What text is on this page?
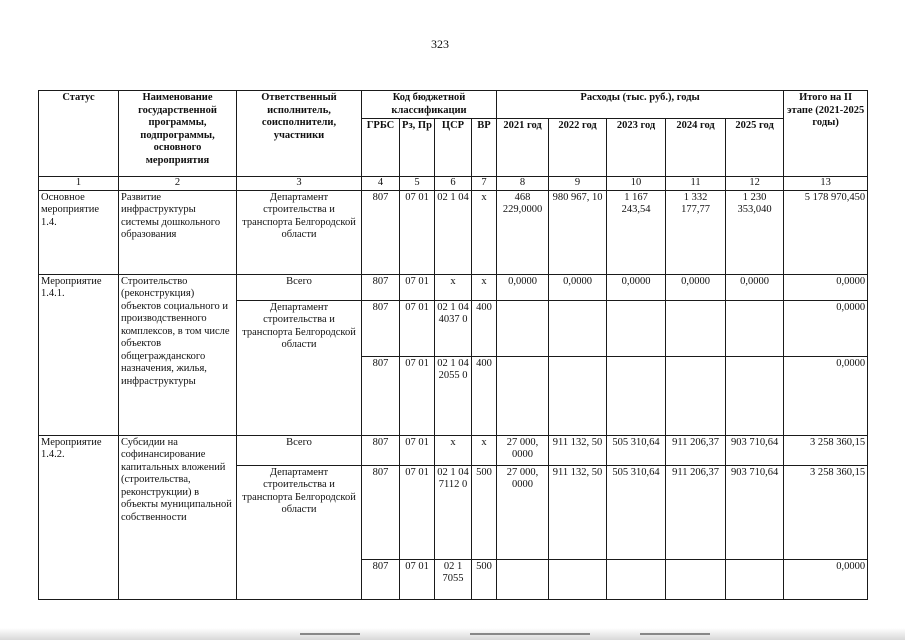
323
Статус	Наименование государственной программы, подпрограммы, основного мероприятия	Ответственный исполнитель, соисполнители, участники	Код бюджетной классификации				Расходы (тыс. руб.), годы					Итого на II этапе (2021-2025 годы)
			ГРБС	Рз, Пр	ЦСР	ВР	2021 год	2022 год	2023 год	2024 год	2025 год	
1	2	3	4	5	6	7	8	9	10	11	12	13
Основное мероприятие 1.4.	Развитие инфраструктуры системы дошкольного образования	Департамент строительства и транспорта Белгородской области	807	07 01	02 1 04	х	468 229,0000	980 967, 10	1 167 243,54	1 332 177,77	1 230 353,040	5 178 970,450
Мероприятие 1.4.1.	Строительство (реконструкция) объектов социального и производственного комплексов, в том числе объектов общегражданского назначения, жилья, инфраструктуры	Всего	807	07 01	х	х	0,0000	0,0000	0,0000	0,0000	0,0000	0,0000
		Департамент строительства и транспорта Белгородской области	807	07 01	02 1 04 4037 0	400						0,0000
			807	07 01	02 1 04 2055 0	400						0,0000
Мероприятие 1.4.2.	Субсидии на софинансирование капитальных вложений (строительства, реконструкции) в объекты муниципальной собственности	Всего	807	07 01	х	х	27 000, 0000	911 132, 50	505 310,64	911 206,37	903 710,64	3 258 360,15
		Департамент строительства и транспорта Белгородской области	807	07 01	02 1 04 7112 0	500	27 000, 0000	911 132, 50	505 310,64	911 206,37	903 710,64	3 258 360,15
			807	07 01	02 1 7055	500						0,0000
